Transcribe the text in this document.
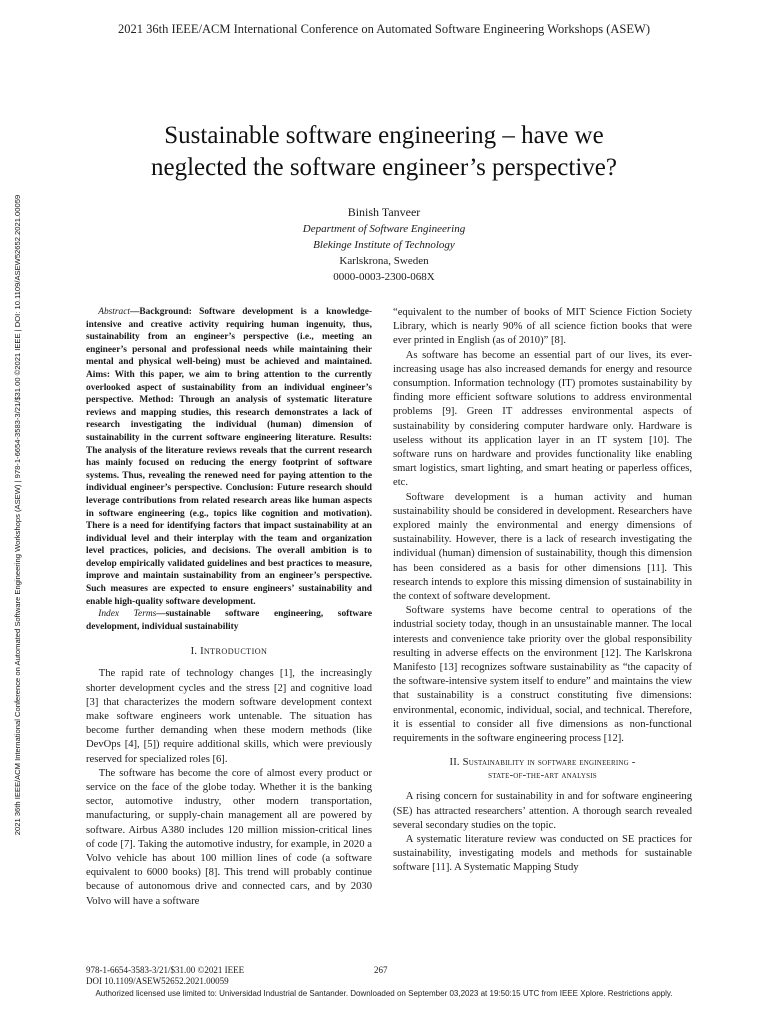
2021 36th IEEE/ACM International Conference on Automated Software Engineering Workshops (ASEW)
2021 36th IEEE/ACM International Conference on Automated Software Engineering Workshops (ASEW) | 978-1-6654-3583-3/21/$31.00 ©2021 IEEE | DOI: 10.1109/ASEW52652.2021.00059
Sustainable software engineering – have we
neglected the software engineer’s perspective?
Binish Tanveer
Department of Software Engineering
Blekinge Institute of Technology
Karlskrona, Sweden
0000-0003-2300-068X

Abstract—Background: Software development is a knowledge-intensive and creative activity requiring human ingenuity, thus, sustainability from an engineer’s perspective (i.e., meeting an engineer’s personal and professional needs while maintaining their mental and physical well-being) must be achieved and maintained. Aims: With this paper, we aim to bring attention to the currently overlooked aspect of sustainability from an individual engineer’s perspective. Method: Through an analysis of systematic literature reviews and mapping studies, this research demonstrates a lack of research investigating the individual (human) dimension of sustainability in the current software engineering literature. Results: The analysis of the literature reviews reveals that the current research has mainly focused on reducing the energy footprint of software systems. Thus, revealing the renewed need for paying attention to the individual engineer’s perspective. Conclusion: Future research should leverage contributions from related research areas like human aspects in software engineering (e.g., topics like cognition and motivation). There is a need for identifying factors that impact sustainability at an individual level and their interplay with the team and organization level practices, policies, and decisions. The overall ambition is to develop empirically validated guidelines and best practices to measure, improve and maintain sustainability from an engineer’s perspective. Such measures are expected to ensure engineers’ sustainability and enable high-quality software development.

Index Terms—sustainable software engineering, software development, individual sustainability

I. INTRODUCTION

The rapid rate of technology changes [1], the increasingly shorter development cycles and the stress [2] and cognitive load [3] that characterizes the modern software development context make software engineers work untenable. The situation has become further demanding when these modern methods (like DevOps [4], [5]) require additional skills, which were previously reserved for specialized roles [6].

The software has become the core of almost every product or service on the face of the globe today. Whether it is the banking sector, automotive industry, other modern transportation, manufacturing, or supply-chain management all are powered by software. Airbus A380 includes 120 million mission-critical lines of code [7]. Taking the automotive industry, for example, in 2020 a Volvo vehicle has about 100 million lines of code (a software equivalent to 6000 books) [8]. This trend will probably continue because of autonomous drive and connected cars, and by 2030 Volvo will have a software

“equivalent to the number of books of MIT Science Fiction Society Library, which is nearly 90% of all science fiction books that were ever printed in English (as of 2010)” [8].

As software has become an essential part of our lives, its ever-increasing usage has also increased demands for energy and resource consumption. Information technology (IT) promotes sustainability by finding more efficient software solutions to address environmental problems [9]. Green IT addresses environmental aspects of sustainability by considering computer hardware only. Hardware is useless without its application layer in an IT system [10]. The software runs on hardware and provides functionality like enabling smart logistics, smart lighting, and smart heating or paperless offices, etc.

Software development is a human activity and human sustainability should be considered in development. Researchers have explored mainly the environmental and energy dimensions of sustainability. However, there is a lack of research investigating the individual (human) dimension of sustainability, though this dimension has been considered as a basis for other dimensions [11]. This research intends to explore this missing dimension of sustainability in the context of software development.

Software systems have become central to operations of the industrial society today, though in an unsustainable manner. The local interests and convenience take priority over the global responsibility resulting in adverse effects on the environment [12]. The Karlskrona Manifesto [13] recognizes software sustainability as “the capacity of the software-intensive system itself to endure” and maintains the view that sustainability is a construct constituting five dimensions: environmental, economic, individual, social, and technical. Therefore, it is essential to consider all five dimensions as non-functional requirements in the software engineering process [12].

II. Sustainability in software engineering -
state-of-the-art analysis

A rising concern for sustainability in and for software engineering (SE) has attracted researchers’ attention. A thorough search revealed several secondary studies on the topic.

A systematic literature review was conducted on SE practices for sustainability, investigating models and methods for sustainable software [11]. A Systematic Mapping Study

978-1-6654-3583-3/21/$31.00 ©2021 IEEE
DOI 10.1109/ASEW52652.2021.00059
267
Authorized licensed use limited to: Universidad Industrial de Santander. Downloaded on September 03,2023 at 19:50:15 UTC from IEEE Xplore. Restrictions apply.
